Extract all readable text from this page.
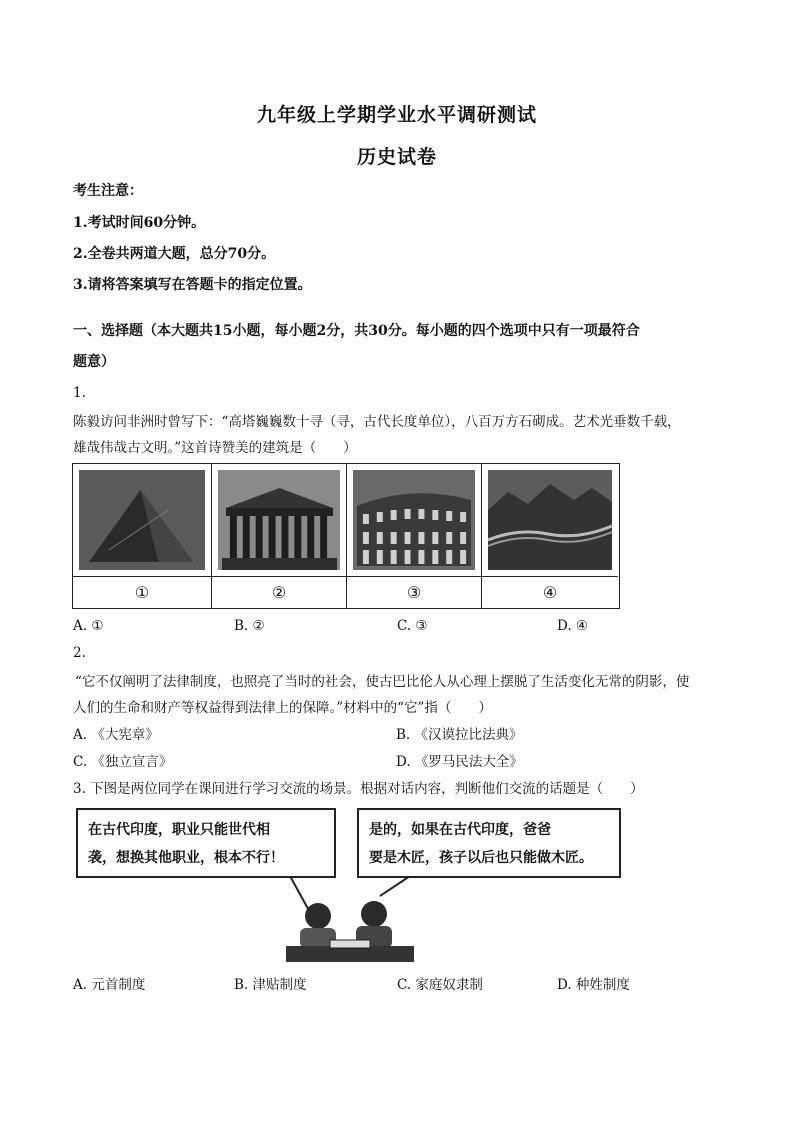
九年级上学期学业水平调研测试
历史试卷
考生注意：
1.考试时间60分钟。
2.全卷共两道大题，总分70分。
3.请将答案填写在答题卡的指定位置。
一、选择题（本大题共15小题，每小题2分，共30分。每小题的四个选项中只有一项最符合
题意）
1.
陈毅访问非洲时曾写下：“高塔巍巍数十寻（寻，古代长度单位），八百万方石砌成。艺术光垂数千载，
雄哉伟哉古文明。”这首诗赞美的建筑是（　　）
①	②	③	④
A. ①	B. ②	C. ③	D. ④
2.
“它不仅阐明了法律制度，也照亮了当时的社会，使古巴比伦人从心理上摆脱了生活变化无常的阴影，使
人们的生命和财产等权益得到法律上的保障。”材料中的“它”指（　　）
A. 《大宪章》	B. 《汉谟拉比法典》
C. 《独立宣言》	D. 《罗马民法大全》
3. 下图是两位同学在课间进行学习交流的场景。根据对话内容，判断他们交流的话题是（　　）
在古代印度，职业只能世代相
袭，想换其他职业，根本不行！
是的，如果在古代印度，爸爸
要是木匠，孩子以后也只能做木匠。
A. 元首制度	B. 津贴制度	C. 家庭奴隶制	D. 种姓制度
